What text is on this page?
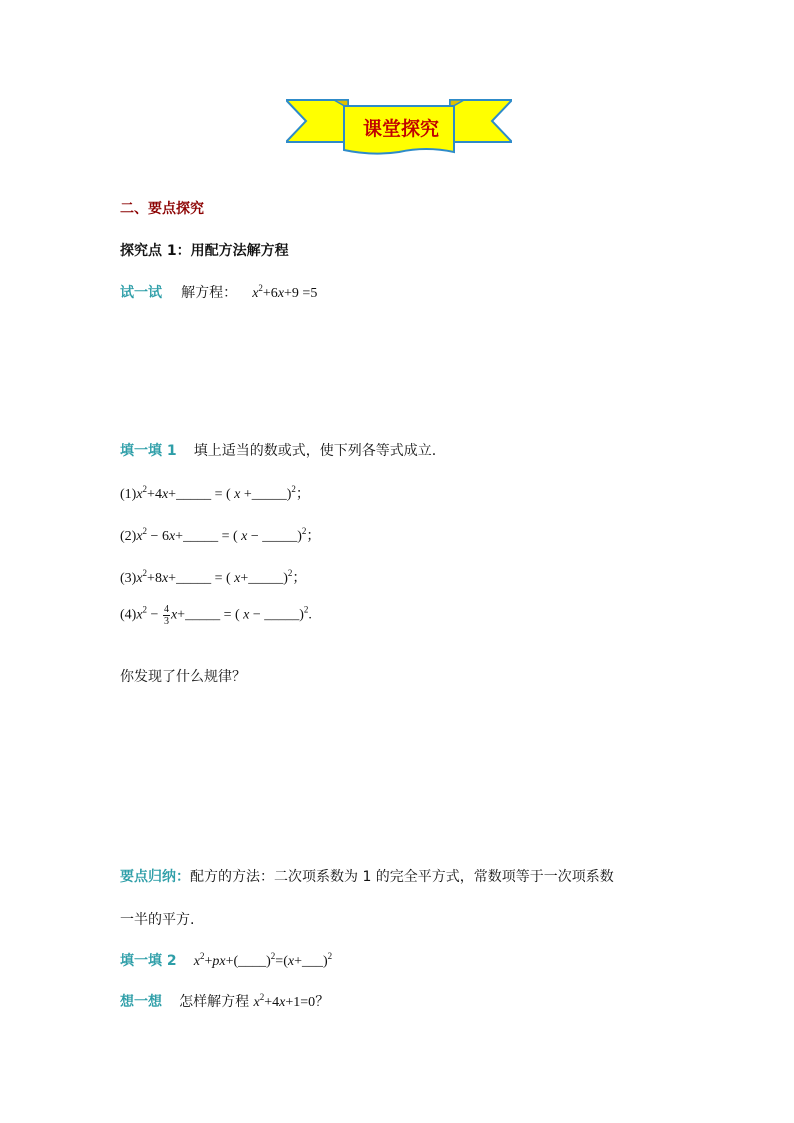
课堂探究
二、要点探究
探究点 1：用配方法解方程
试一试 解方程： $x^2+6x+9 =5$
填一填 1 填上适当的数或式，使下列各等式成立.
$(1)x^2+4x+\_\_\_\_\_$ = ( x +_____)$^2$；
$(2)x^2$ − 6x+_____ = ( x − _____)$^2$；
$(3)x^2+8x+\_\_\_\_\_$ = ( x+_____)$^2$；
$(4)x^2 - \frac{4}{3}$ x+_____ = ( x − _____)$^2$.
你发现了什么规律？
要点归纳：配方的方法：二次项系数为 1 的完全平方式，常数项等于一次项系数
一半的平方.
填一填 2 $x^2+px+(\_\_\_\_)^2=(x+\_\_\_)^2$
想一想 怎样解方程 $x^2+4x+1=0$？
